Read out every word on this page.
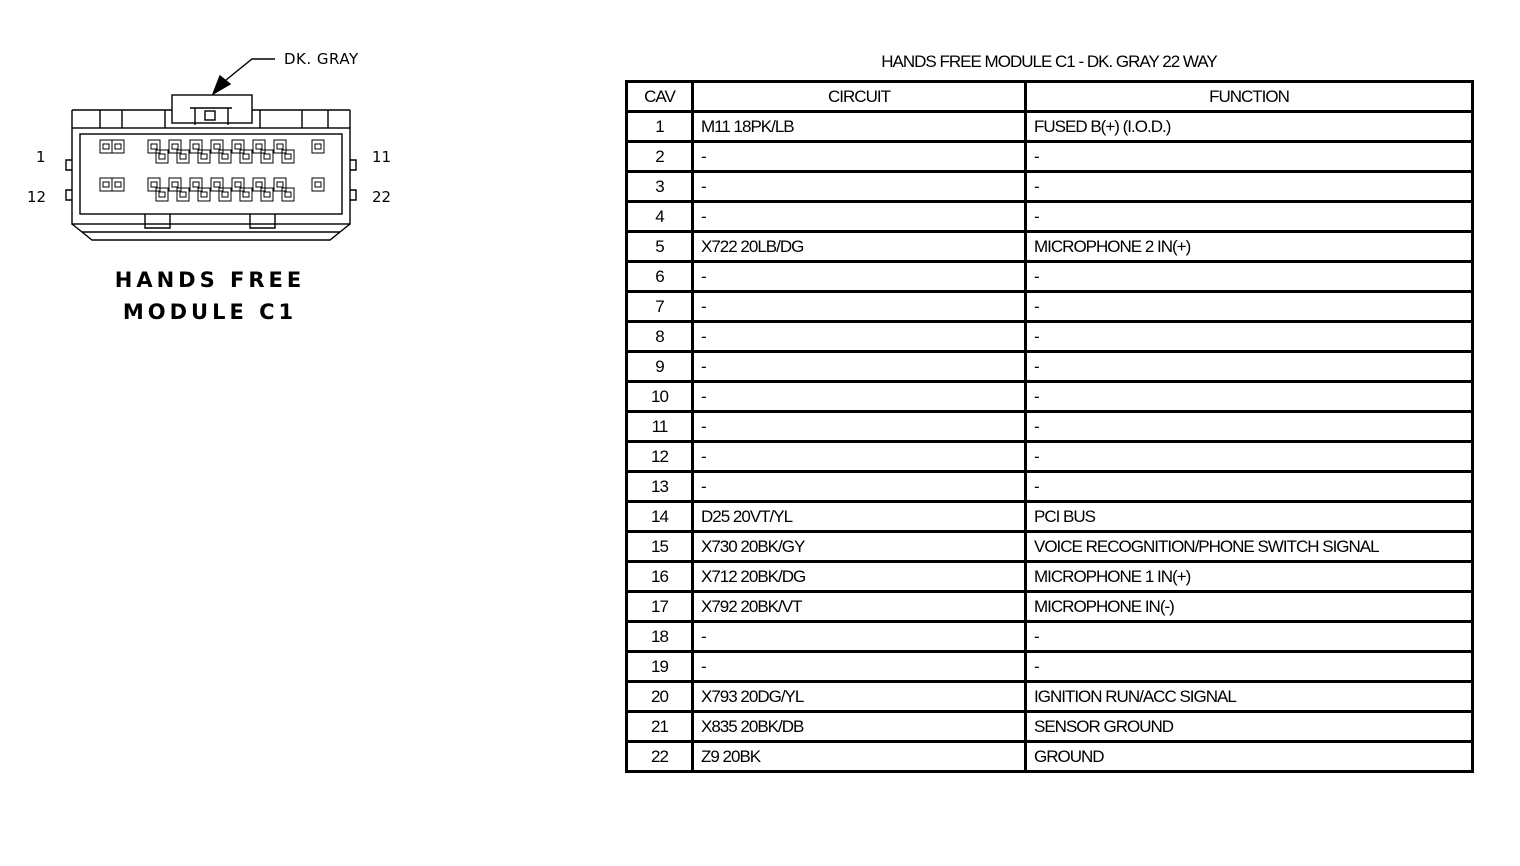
1
12
11
22
DK. GRAY
HANDS FREE
MODULE C1
HANDS FREE MODULE C1 - DK. GRAY 22 WAY
CAV	CIRCUIT	FUNCTION
1	M11 18PK/LB	FUSED B(+) (I.O.D.)
2	-	-
3	-	-
4	-	-
5	X722 20LB/DG	MICROPHONE 2 IN(+)
6	-	-
7	-	-
8	-	-
9	-	-
10	-	-
11	-	-
12	-	-
13	-	-
14	D25 20VT/YL	PCI BUS
15	X730 20BK/GY	VOICE RECOGNITION/PHONE SWITCH SIGNAL
16	X712 20BK/DG	MICROPHONE 1 IN(+)
17	X792 20BK/VT	MICROPHONE IN(-)
18	-	-
19	-	-
20	X793 20DG/YL	IGNITION RUN/ACC SIGNAL
21	X835 20BK/DB	SENSOR GROUND
22	Z9 20BK	GROUND
